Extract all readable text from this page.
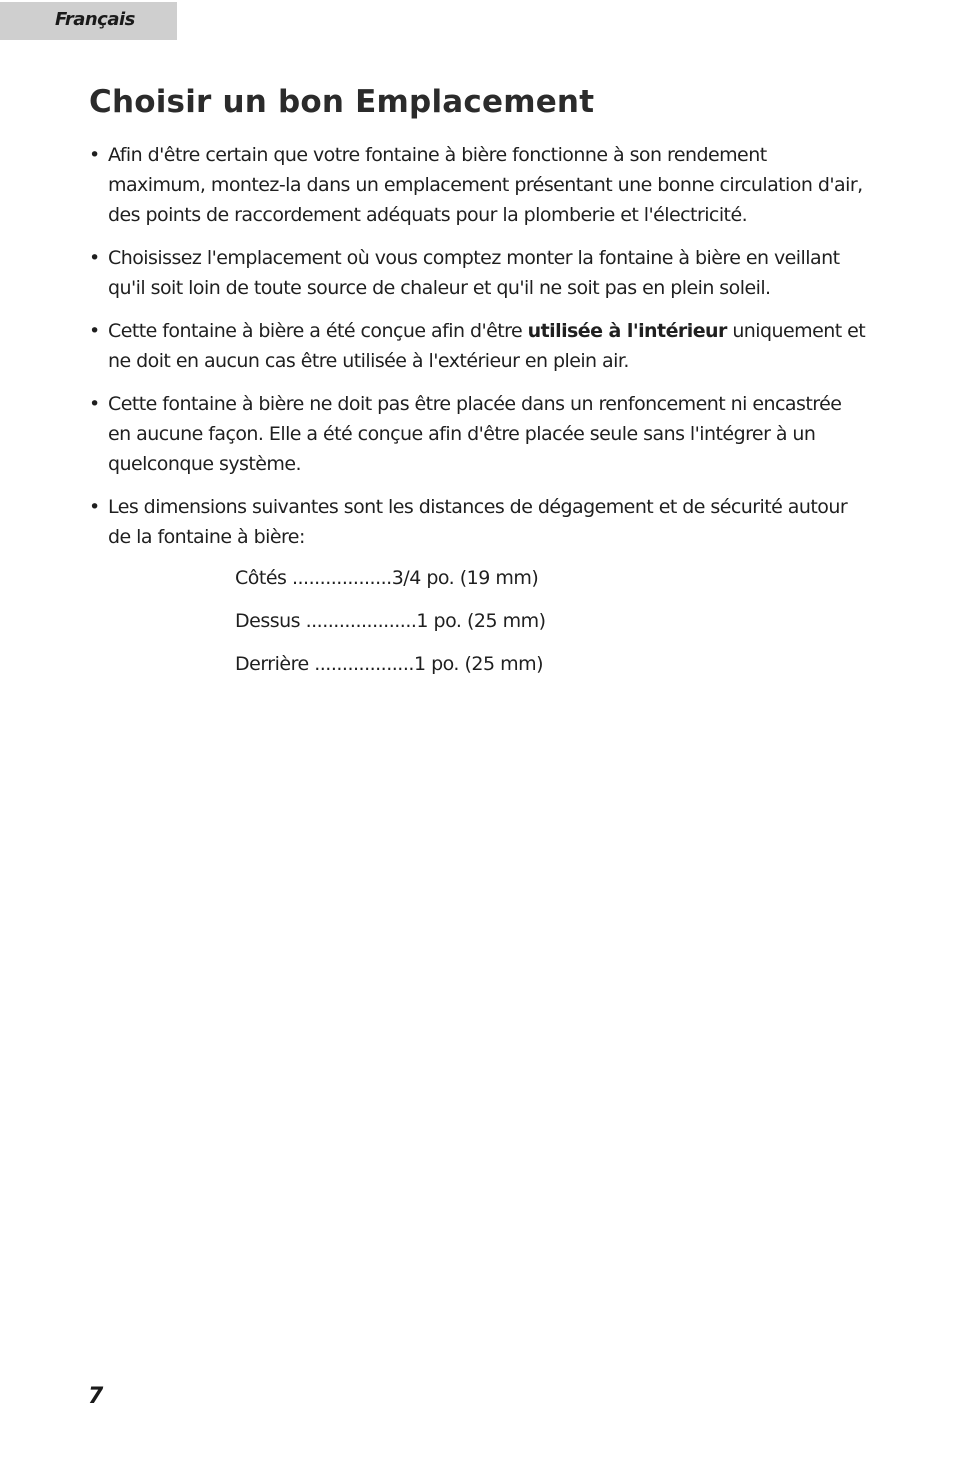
Français
Choisir un bon Emplacement
• Afin d'être certain que votre fontaine à bière fonctionne à son rendement maximum, montez-la dans un emplacement présentant une bonne circulation d'air, des points de raccordement adéquats pour la plomberie et l'électricité.
• Choisissez l'emplacement où vous comptez monter la fontaine à bière en veillant qu'il soit loin de toute source de chaleur et qu'il ne soit pas en plein soleil.
• Cette fontaine à bière a été conçue afin d'être utilisée à l'intérieur uniquement et ne doit en aucun cas être utilisée à l'extérieur en plein air.
• Cette fontaine à bière ne doit pas être placée dans un renfoncement ni encastrée en aucune façon. Elle a été conçue afin d'être placée seule sans l'intégrer à un quelconque système.
• Les dimensions suivantes sont les distances de dégagement et de sécurité autour de la fontaine à bière:
Côtés ..................3/4 po. (19 mm)
Dessus ....................1 po. (25 mm)
Derrière ..................1 po. (25 mm)
7
